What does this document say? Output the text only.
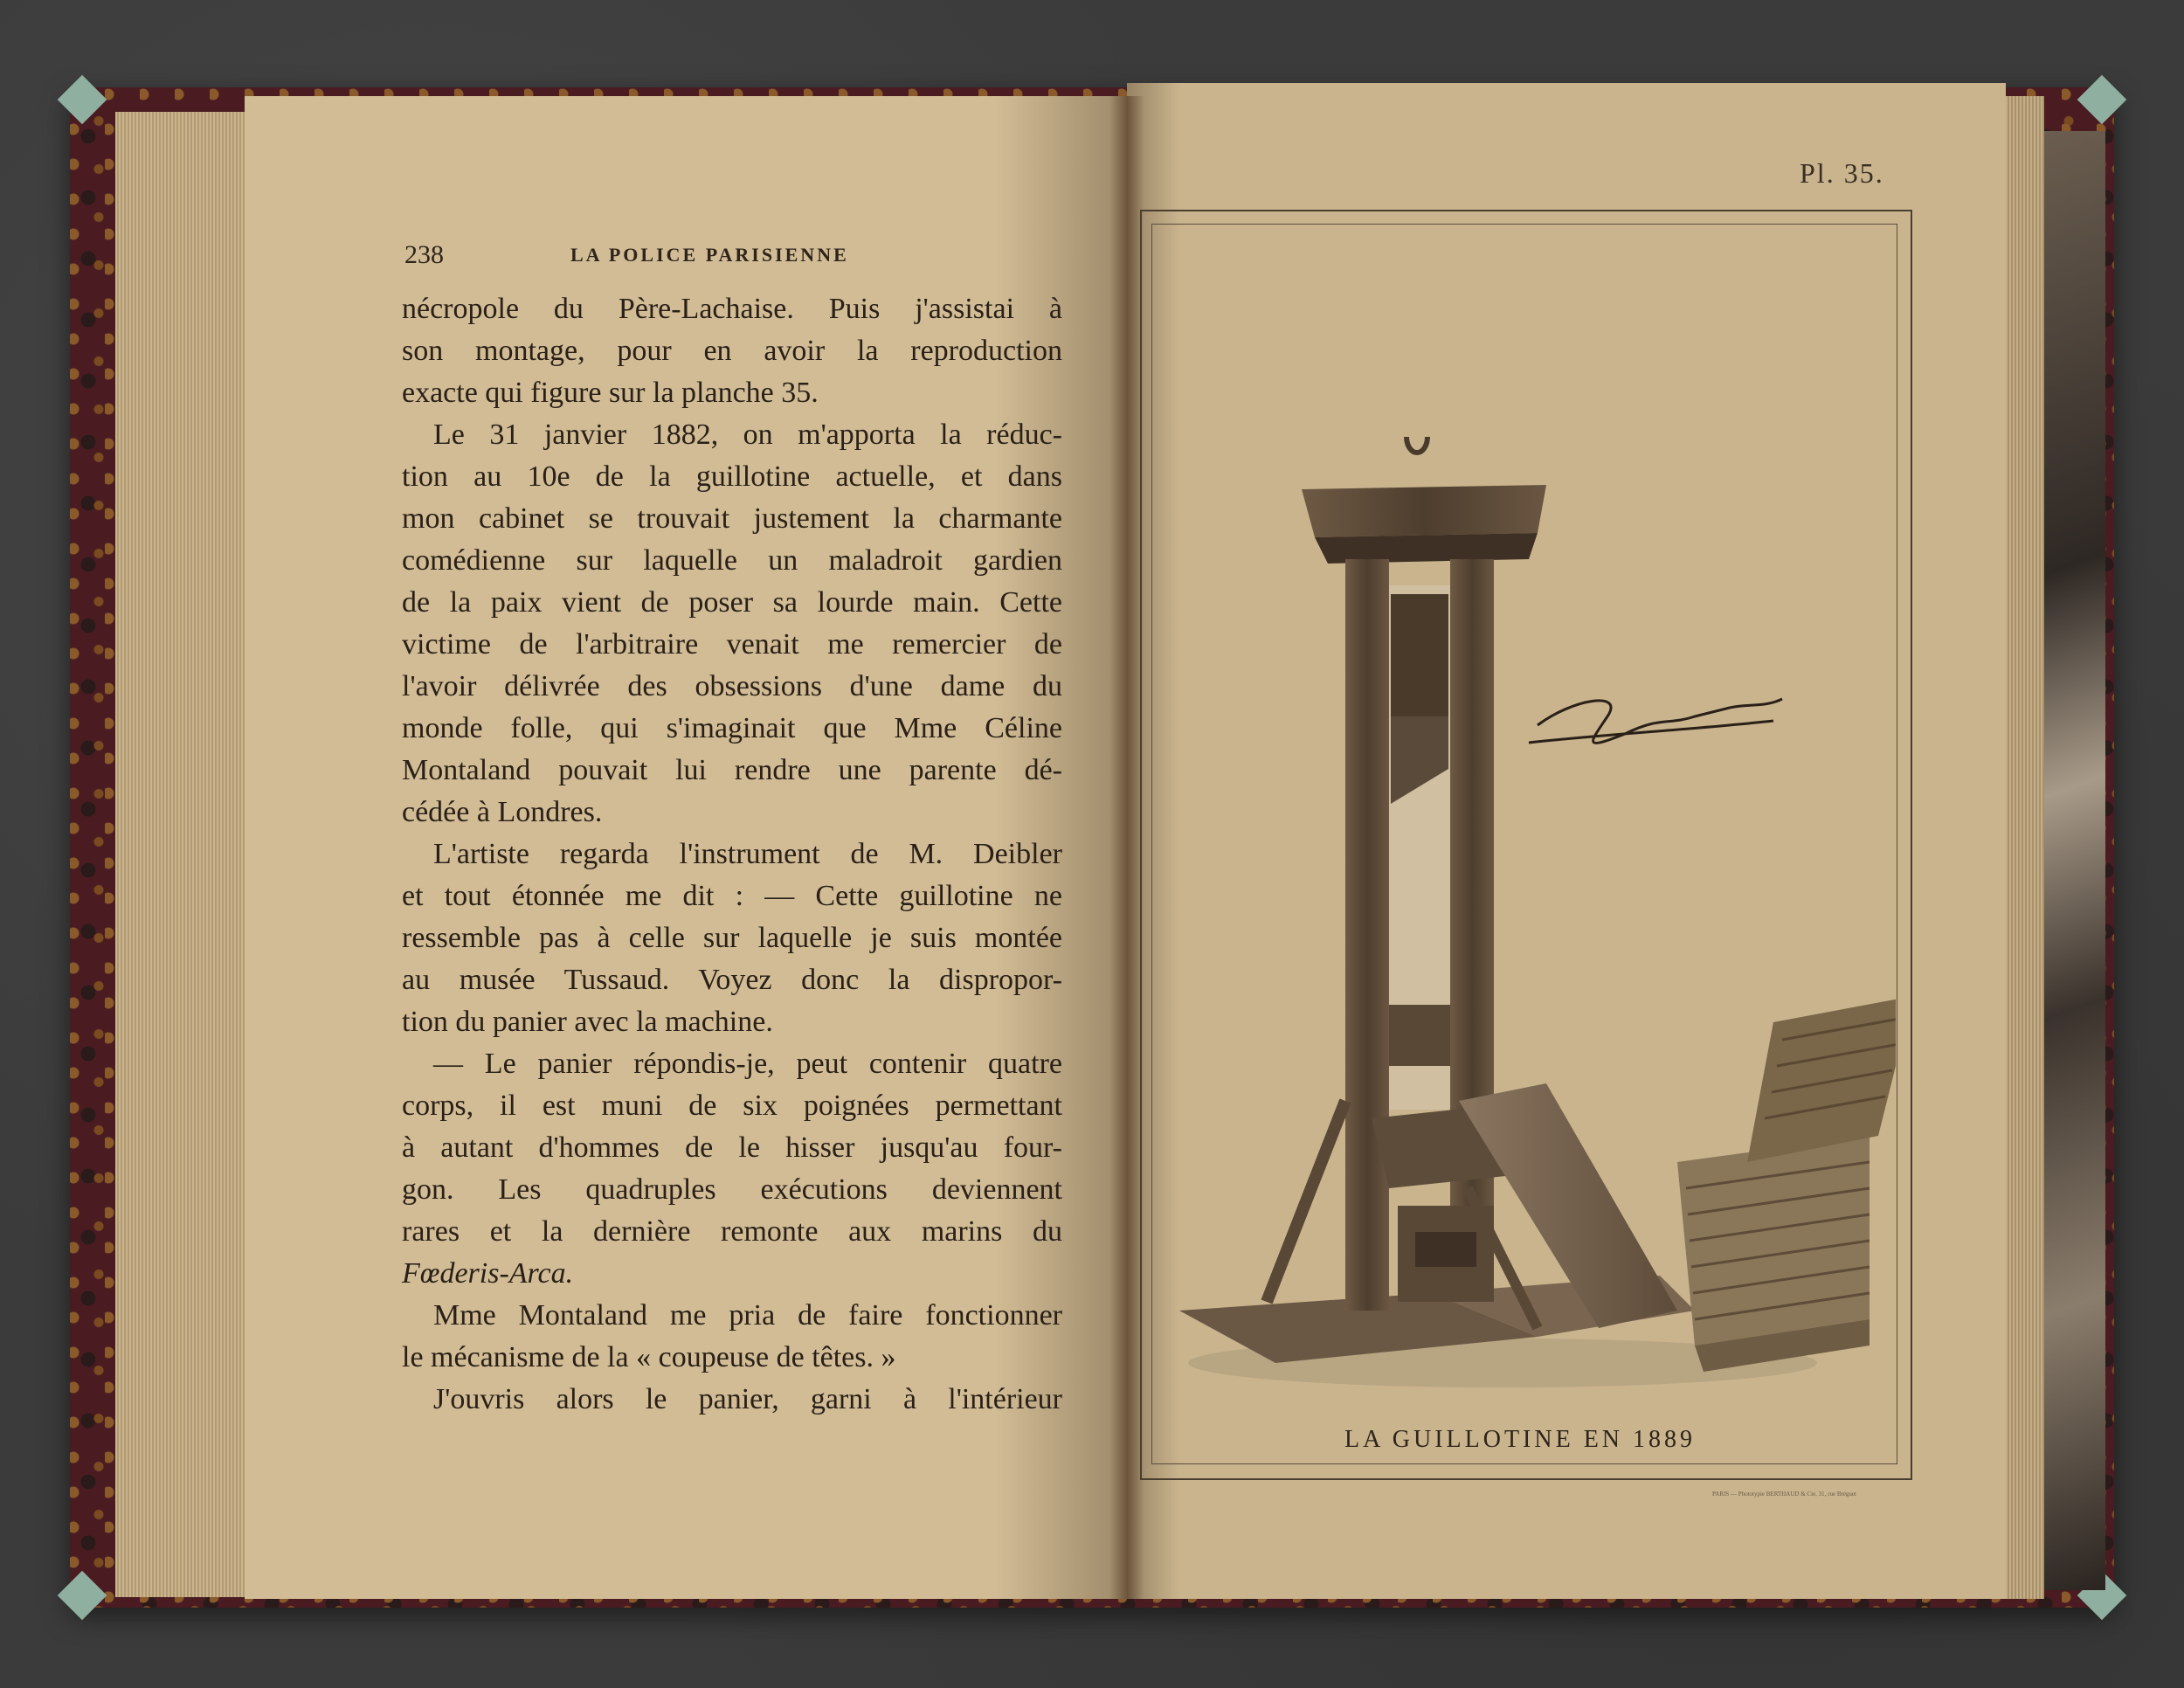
238	LA POLICE PARISIENNE
nécropole du Père-Lachaise. Puis j'assistai à
son montage, pour en avoir la reproduction
exacte qui figure sur la planche 35.
Le 31 janvier 1882, on m'apporta la réduc-
tion au 10e de la guillotine actuelle, et dans
mon cabinet se trouvait justement la charmante
comédienne sur laquelle un maladroit gardien
de la paix vient de poser sa lourde main. Cette
victime de l'arbitraire venait me remercier de
l'avoir délivrée des obsessions d'une dame du
monde folle, qui s'imaginait que Mme Céline
Montaland pouvait lui rendre une parente dé-
cédée à Londres.
L'artiste regarda l'instrument de M. Deibler
et tout étonnée me dit : — Cette guillotine ne
ressemble pas à celle sur laquelle je suis montée
au musée Tussaud. Voyez donc la dispropor-
tion du panier avec la machine.
— Le panier répondis-je, peut contenir quatre
corps, il est muni de six poignées permettant
à autant d'hommes de le hisser jusqu'au four-
gon. Les quadruples exécutions deviennent
rares et la dernière remonte aux marins du
Fœderis-Arca.
Mme Montaland me pria de faire fonctionner
le mécanisme de la « coupeuse de têtes. »
J'ouvris alors le panier, garni à l'intérieur
Pl. 35.
LA GUILLOTINE EN 1889
PARIS — Phototypie BERTHAUD & Cie, 31, rue Bréguet
